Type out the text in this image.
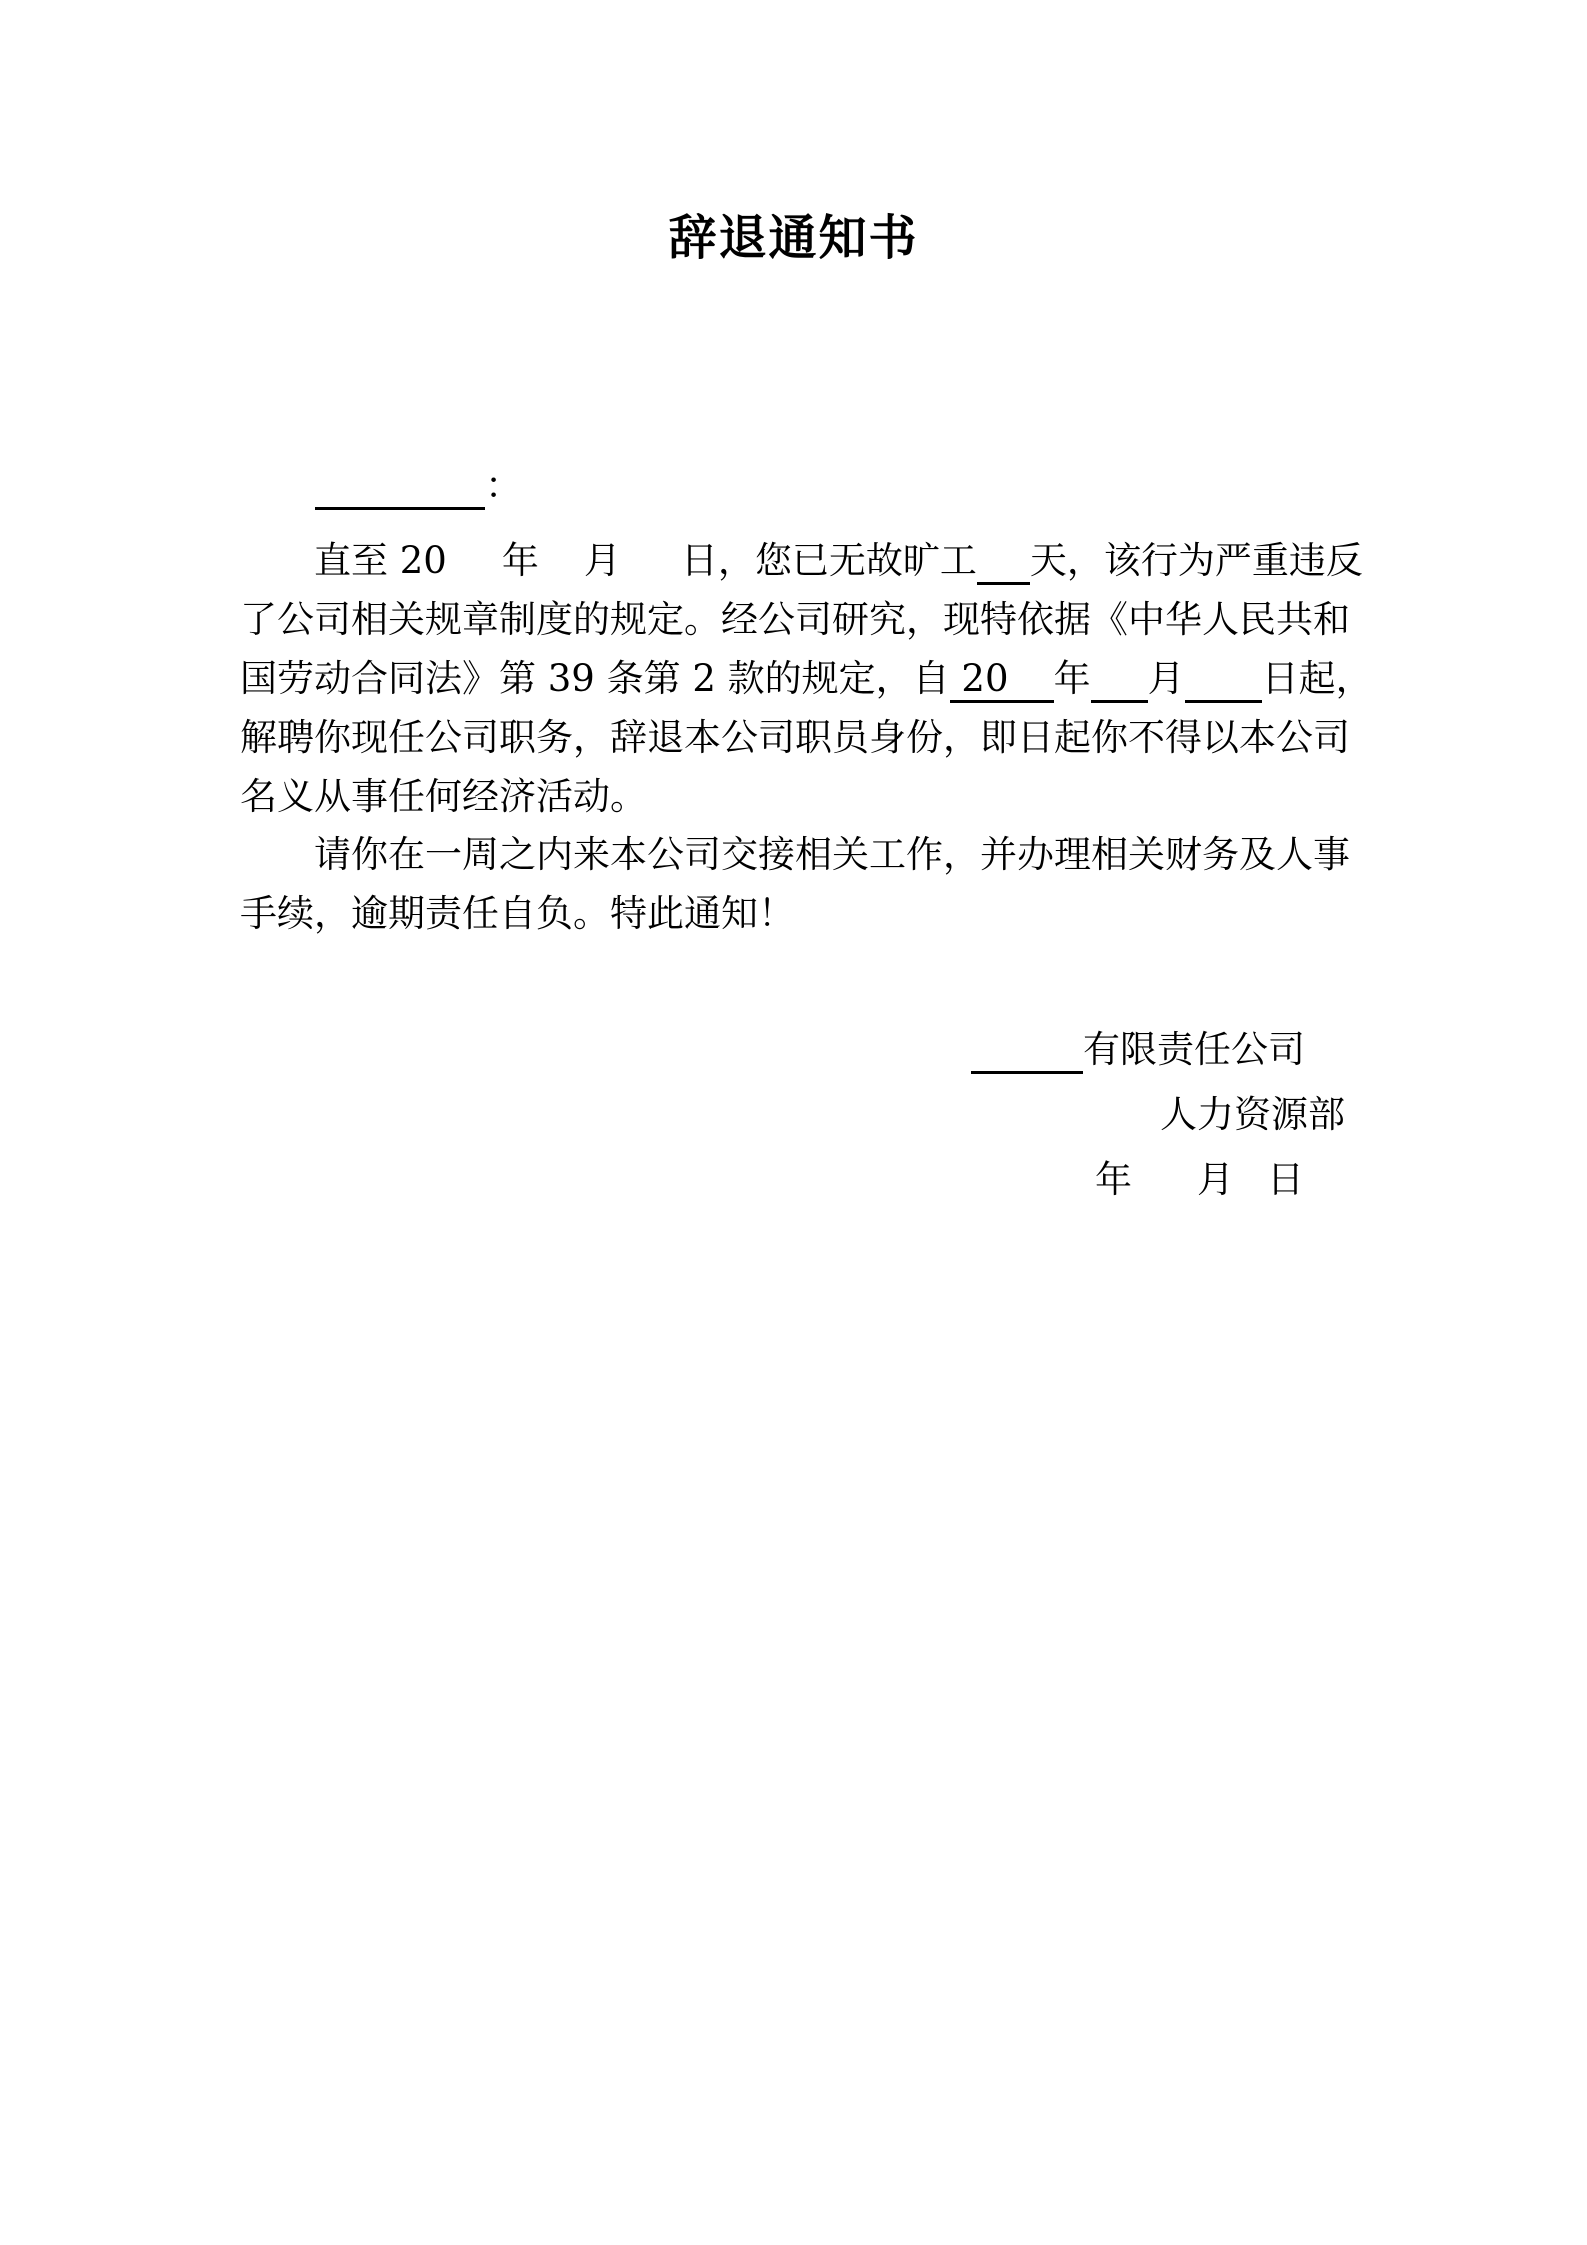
辞退通知书
：
直至 20 年 月 日，您已无故旷工 天，该行为严重违反
了公司相关规章制度的规定。经公司研究，现特依据《中华人民共和
国劳动合同法》第 39 条第 2 款的规定，自 20 年 月 日起，
解聘你现任公司职务，辞退本公司职员身份，即日起你不得以本公司
名义从事任何经济活动。
请你在一周之内来本公司交接相关工作，并办理相关财务及人事
手续，逾期责任自负。特此通知！
有限责任公司
人力资源部
年 月 日
